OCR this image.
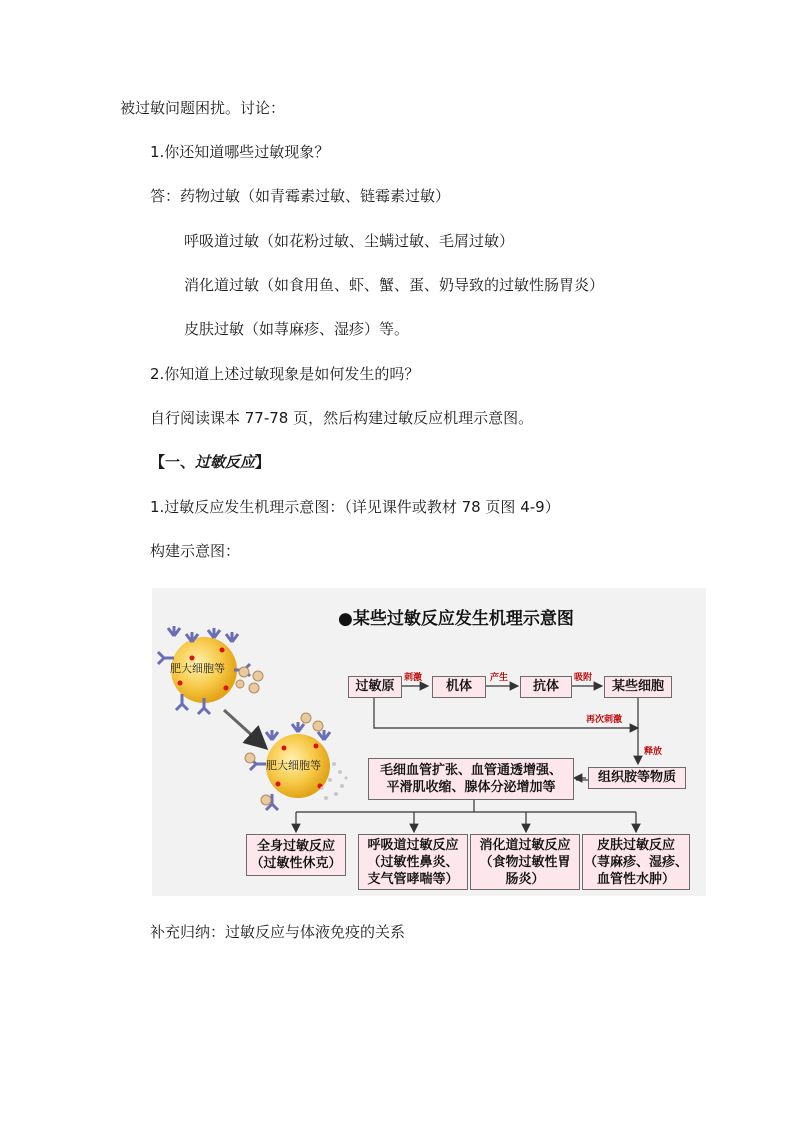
被过敏问题困扰。讨论：
1.你还知道哪些过敏现象？
答：药物过敏（如青霉素过敏、链霉素过敏）
呼吸道过敏（如花粉过敏、尘螨过敏、毛屑过敏）
消化道过敏（如食用鱼、虾、蟹、蛋、奶导致的过敏性肠胃炎）
皮肤过敏（如荨麻疹、湿疹）等。
2.你知道上述过敏现象是如何发生的吗？
自行阅读课本 77-78 页，然后构建过敏反应机理示意图。
【一、过敏反应】
1.过敏反应发生机理示意图：（详见课件或教材 78 页图 4-9）
构建示意图：
●某些过敏反应发生机理示意图
肥大细胞等
肥大细胞等
过敏原	机体	抗体	某些细胞
刺激	产生	吸附
再次刺激
释放
毛细血管扩张、血管通透增强、
平滑肌收缩、腺体分泌增加等
组织胺等物质
全身过敏反应
（过敏性休克）
呼吸道过敏反应
（过敏性鼻炎、
支气管哮喘等）
消化道过敏反应
（食物过敏性胃
肠炎）
皮肤过敏反应
（荨麻疹、湿疹、
血管性水肿）
补充归纳：过敏反应与体液免疫的关系
